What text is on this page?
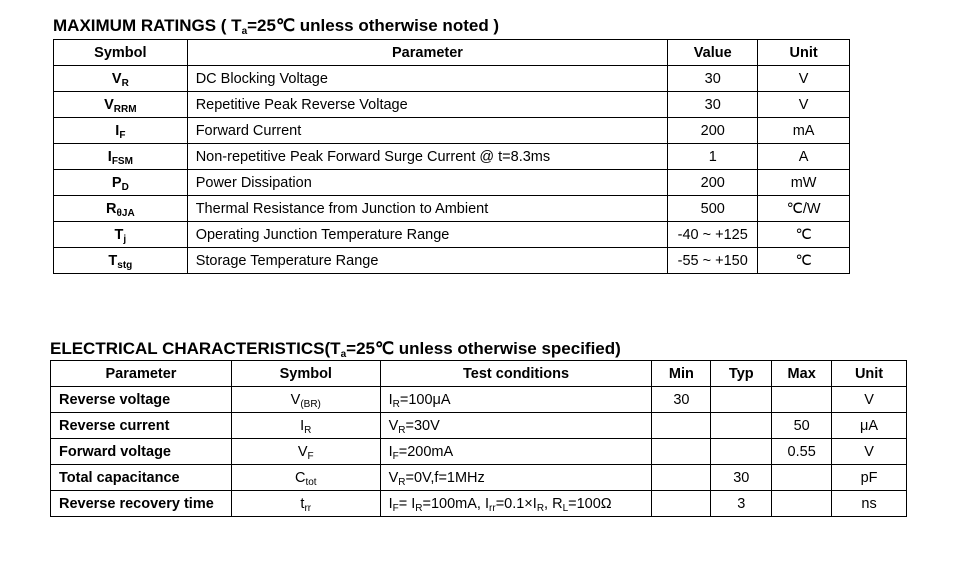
MAXIMUM RATINGS ( $T_a=25℃$ unless otherwise noted )
Symbol	Parameter	Value	Unit
$V_R$	DC Blocking Voltage	30	V
$V_{RRM}$	Repetitive Peak Reverse Voltage	30	V
$I_F$	Forward Current	200	mA
$I_{FSM}$	Non-repetitive Peak Forward Surge Current @ t=8.3ms	1	A
$P_D$	Power Dissipation	200	mW
$R_{\theta JA}$	Thermal Resistance from Junction to Ambient	500	℃/W
$T_j$	Operating Junction Temperature Range	-40 ~ +125	℃
$T_{stg}$	Storage Temperature Range	-55 ~ +150	℃
ELECTRICAL $CHARACTERISTICS(T_a=25℃$ unless otherwise specified)
Parameter	Symbol	Test conditions	Min	Typ	Max	Unit
Reverse voltage	$V_{(BR)}$	$I_R=100\mu A$	30			V
Reverse current	$I_R$	$V_R=30V$			50	μA
Forward voltage	$V_F$	$I_F=200mA$			0.55	V
Total capacitance	$C_{tot}$	$V_R=0V,f=1MHz$		30		pF
Reverse recovery time	$t_{rr}$	$I_F= I_R=100mA$, $I_{rr}=0.1\times I_R$, $R_L=100\Omega$		3		ns
